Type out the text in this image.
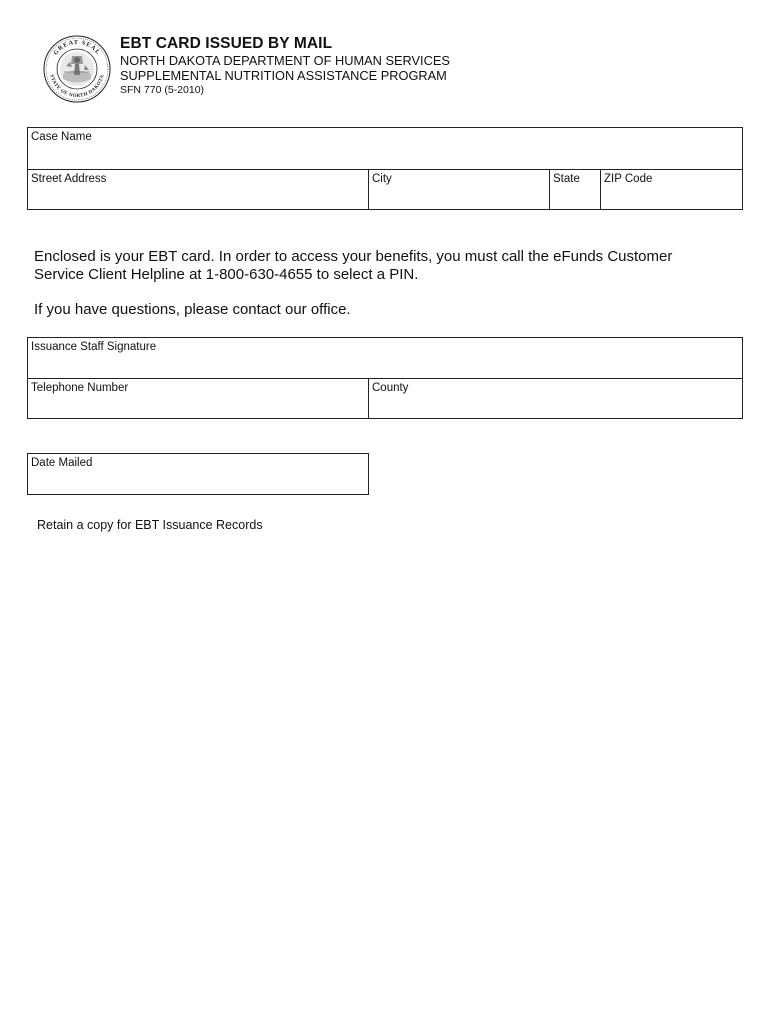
GREAT SEAL
STATE OF NORTH DAKOTA
EBT CARD ISSUED BY MAIL
NORTH DAKOTA DEPARTMENT OF HUMAN SERVICES
SUPPLEMENTAL NUTRITION ASSISTANCE PROGRAM
SFN 770 (5-2010)
Case Name
Street Address	City	State ZIP Code
Enclosed is your EBT card. In order to access your benefits, you must call the eFunds Customer
Service Client Helpline at 1-800-630-4655 to select a PIN.
If you have questions, please contact our office.
Issuance Staff Signature
Telephone Number	County
Date Mailed
Retain a copy for EBT Issuance Records
